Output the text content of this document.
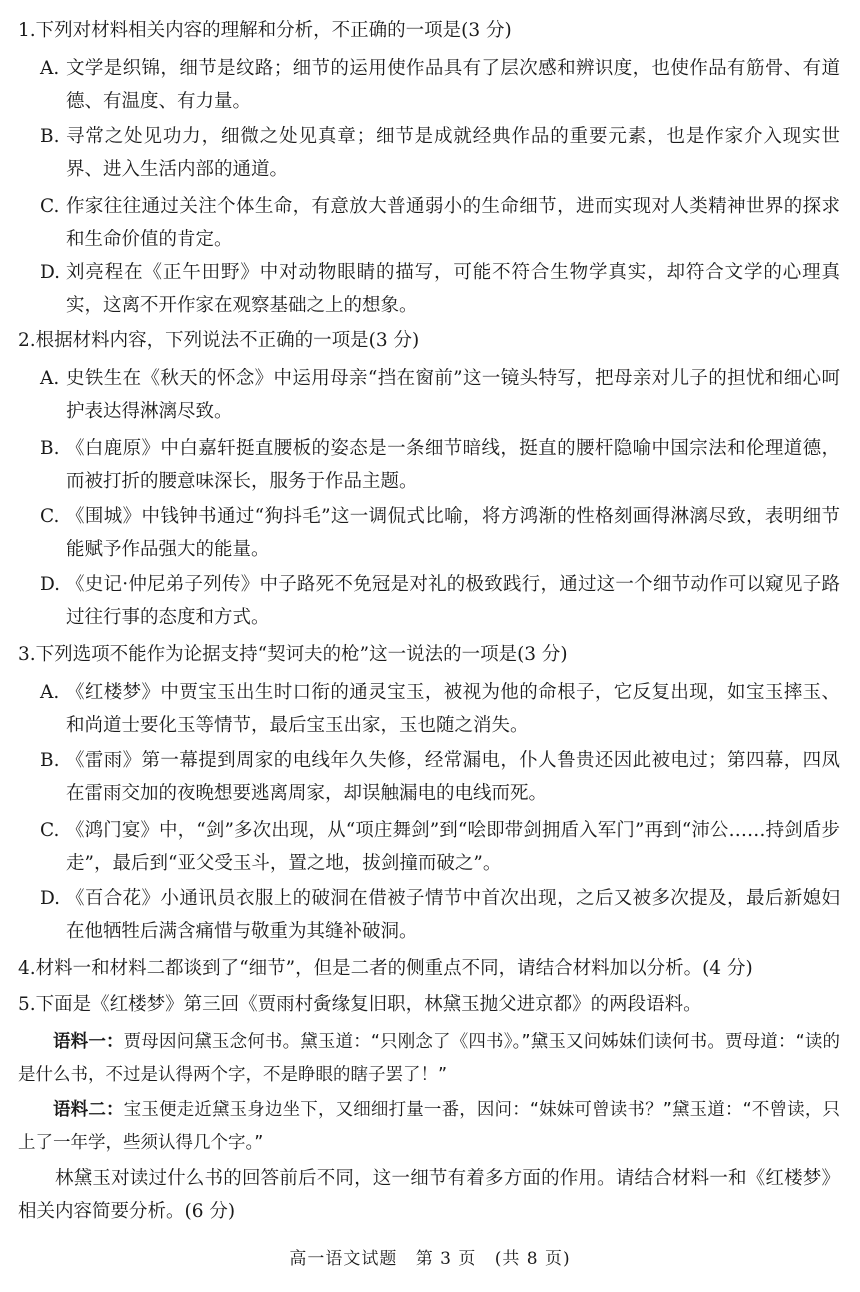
1.下列对材料相关内容的理解和分析，不正确的一项是(3 分)
A. 文学是织锦，细节是纹路；细节的运用使作品具有了层次感和辨识度，也使作品有筋骨、有道德、有温度、有力量。
B. 寻常之处见功力，细微之处见真章；细节是成就经典作品的重要元素，也是作家介入现实世界、进入生活内部的通道。
C. 作家往往通过关注个体生命，有意放大普通弱小的生命细节，进而实现对人类精神世界的探求和生命价值的肯定。
D. 刘亮程在《正午田野》中对动物眼睛的描写，可能不符合生物学真实，却符合文学的心理真实，这离不开作家在观察基础之上的想象。
2.根据材料内容，下列说法不正确的一项是(3 分)
A. 史铁生在《秋天的怀念》中运用母亲“挡在窗前”这一镜头特写，把母亲对儿子的担忧和细心呵护表达得淋漓尽致。
B. 《白鹿原》中白嘉轩挺直腰板的姿态是一条细节暗线，挺直的腰杆隐喻中国宗法和伦理道德，而被打折的腰意味深长，服务于作品主题。
C. 《围城》中钱钟书通过“狗抖毛”这一调侃式比喻，将方鸿渐的性格刻画得淋漓尽致，表明细节能赋予作品强大的能量。
D. 《史记·仲尼弟子列传》中子路死不免冠是对礼的极致践行，通过这一个细节动作可以窥见子路过往行事的态度和方式。
3.下列选项不能作为论据支持“契诃夫的枪”这一说法的一项是(3 分)
A. 《红楼梦》中贾宝玉出生时口衔的通灵宝玉，被视为他的命根子，它反复出现，如宝玉摔玉、和尚道士要化玉等情节，最后宝玉出家，玉也随之消失。
B. 《雷雨》第一幕提到周家的电线年久失修，经常漏电，仆人鲁贵还因此被电过；第四幕，四凤在雷雨交加的夜晚想要逃离周家，却误触漏电的电线而死。
C. 《鸿门宴》中，“剑”多次出现，从“项庄舞剑”到“哙即带剑拥盾入军门”再到“沛公……持剑盾步走”，最后到“亚父受玉斗，置之地，拔剑撞而破之”。
D. 《百合花》小通讯员衣服上的破洞在借被子情节中首次出现，之后又被多次提及，最后新媳妇在他牺牲后满含痛惜与敬重为其缝补破洞。
4.材料一和材料二都谈到了“细节”，但是二者的侧重点不同，请结合材料加以分析。(4 分)
5.下面是《红楼梦》第三回《贾雨村夤缘复旧职，林黛玉抛父进京都》的两段语料。
语料一：贾母因问黛玉念何书。黛玉道：“只刚念了《四书》。”黛玉又问姊妹们读何书。贾母道：“读的是什么书，不过是认得两个字，不是睁眼的瞎子罢了！”
语料二：宝玉便走近黛玉身边坐下，又细细打量一番，因问：“妹妹可曾读书？”黛玉道：“不曾读，只上了一年学，些须认得几个字。”
林黛玉对读过什么书的回答前后不同，这一细节有着多方面的作用。请结合材料一和《红楼梦》相关内容简要分析。(6 分)
高一语文试题 第 3 页 (共 8 页)
